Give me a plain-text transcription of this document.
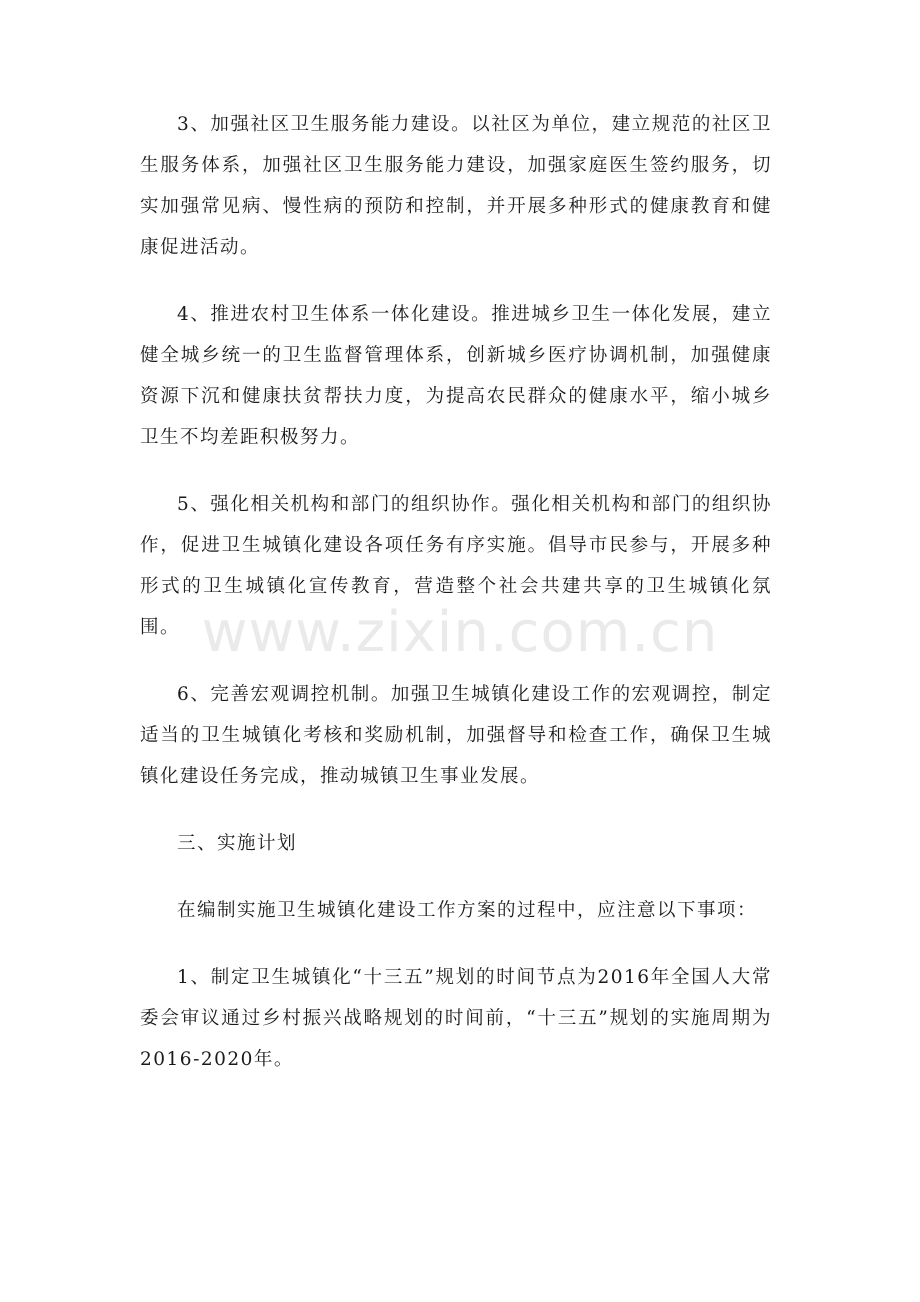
3、加强社区卫生服务能力建设。以社区为单位，建立规范的社区卫生服务体系，加强社区卫生服务能力建设，加强家庭医生签约服务，切实加强常见病、慢性病的预防和控制，并开展多种形式的健康教育和健康促进活动。

4、推进农村卫生体系一体化建设。推进城乡卫生一体化发展，建立健全城乡统一的卫生监督管理体系，创新城乡医疗协调机制，加强健康资源下沉和健康扶贫帮扶力度，为提高农民群众的健康水平，缩小城乡卫生不均差距积极努力。

5、强化相关机构和部门的组织协作。强化相关机构和部门的组织协作，促进卫生城镇化建设各项任务有序实施。倡导市民参与，开展多种形式的卫生城镇化宣传教育，营造整个社会共建共享的卫生城镇化氛围。

6、完善宏观调控机制。加强卫生城镇化建设工作的宏观调控，制定适当的卫生城镇化考核和奖励机制，加强督导和检查工作，确保卫生城镇化建设任务完成，推动城镇卫生事业发展。

三、实施计划

在编制实施卫生城镇化建设工作方案的过程中，应注意以下事项：

1、制定卫生城镇化“十三五”规划的时间节点为2016年全国人大常委会审议通过乡村振兴战略规划的时间前，“十三五”规划的实施周期为2016-2020年。

www.zixin.com.cn
